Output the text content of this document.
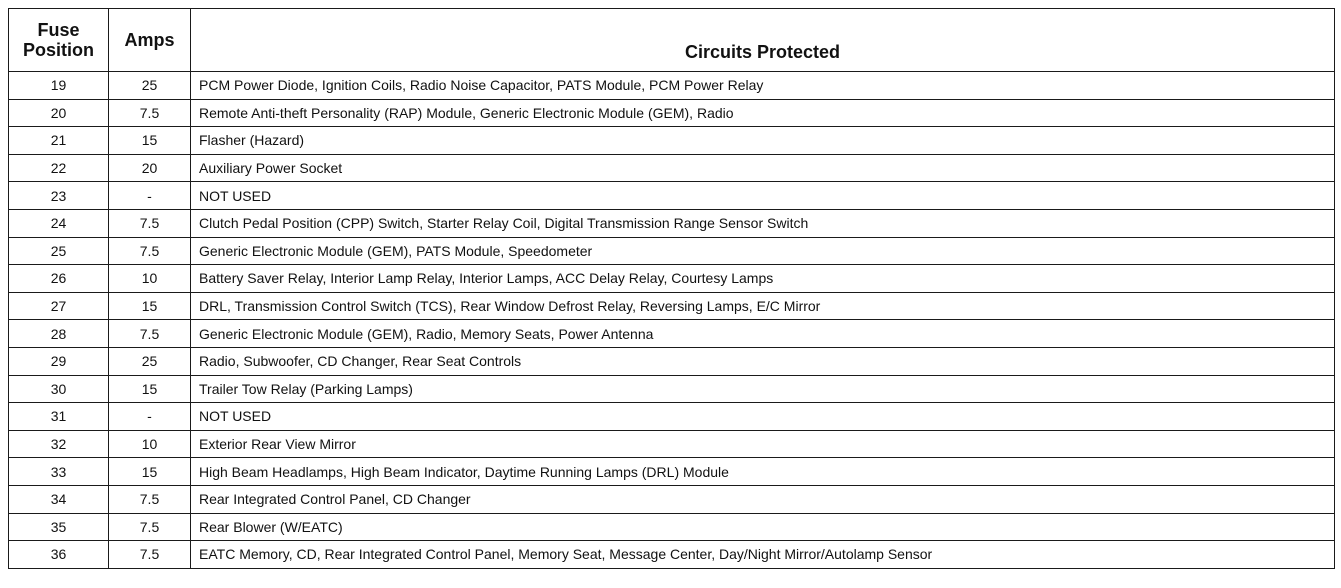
Fuse
Position	Amps	Circuits Protected
19	25	PCM Power Diode, Ignition Coils, Radio Noise Capacitor, PATS Module, PCM Power Relay
20	7.5	Remote Anti-theft Personality (RAP) Module, Generic Electronic Module (GEM), Radio
21	15	Flasher (Hazard)
22	20	Auxiliary Power Socket
23	-	NOT USED
24	7.5	Clutch Pedal Position (CPP) Switch, Starter Relay Coil, Digital Transmission Range Sensor Switch
25	7.5	Generic Electronic Module (GEM), PATS Module, Speedometer
26	10	Battery Saver Relay, Interior Lamp Relay, Interior Lamps, ACC Delay Relay, Courtesy Lamps
27	15	DRL, Transmission Control Switch (TCS), Rear Window Defrost Relay, Reversing Lamps, E/C Mirror
28	7.5	Generic Electronic Module (GEM), Radio, Memory Seats, Power Antenna
29	25	Radio, Subwoofer, CD Changer, Rear Seat Controls
30	15	Trailer Tow Relay (Parking Lamps)
31	-	NOT USED
32	10	Exterior Rear View Mirror
33	15	High Beam Headlamps, High Beam Indicator, Daytime Running Lamps (DRL) Module
34	7.5	Rear Integrated Control Panel, CD Changer
35	7.5	Rear Blower (W/EATC)
36	7.5	EATC Memory, CD, Rear Integrated Control Panel, Memory Seat, Message Center, Day/Night Mirror/Autolamp Sensor
